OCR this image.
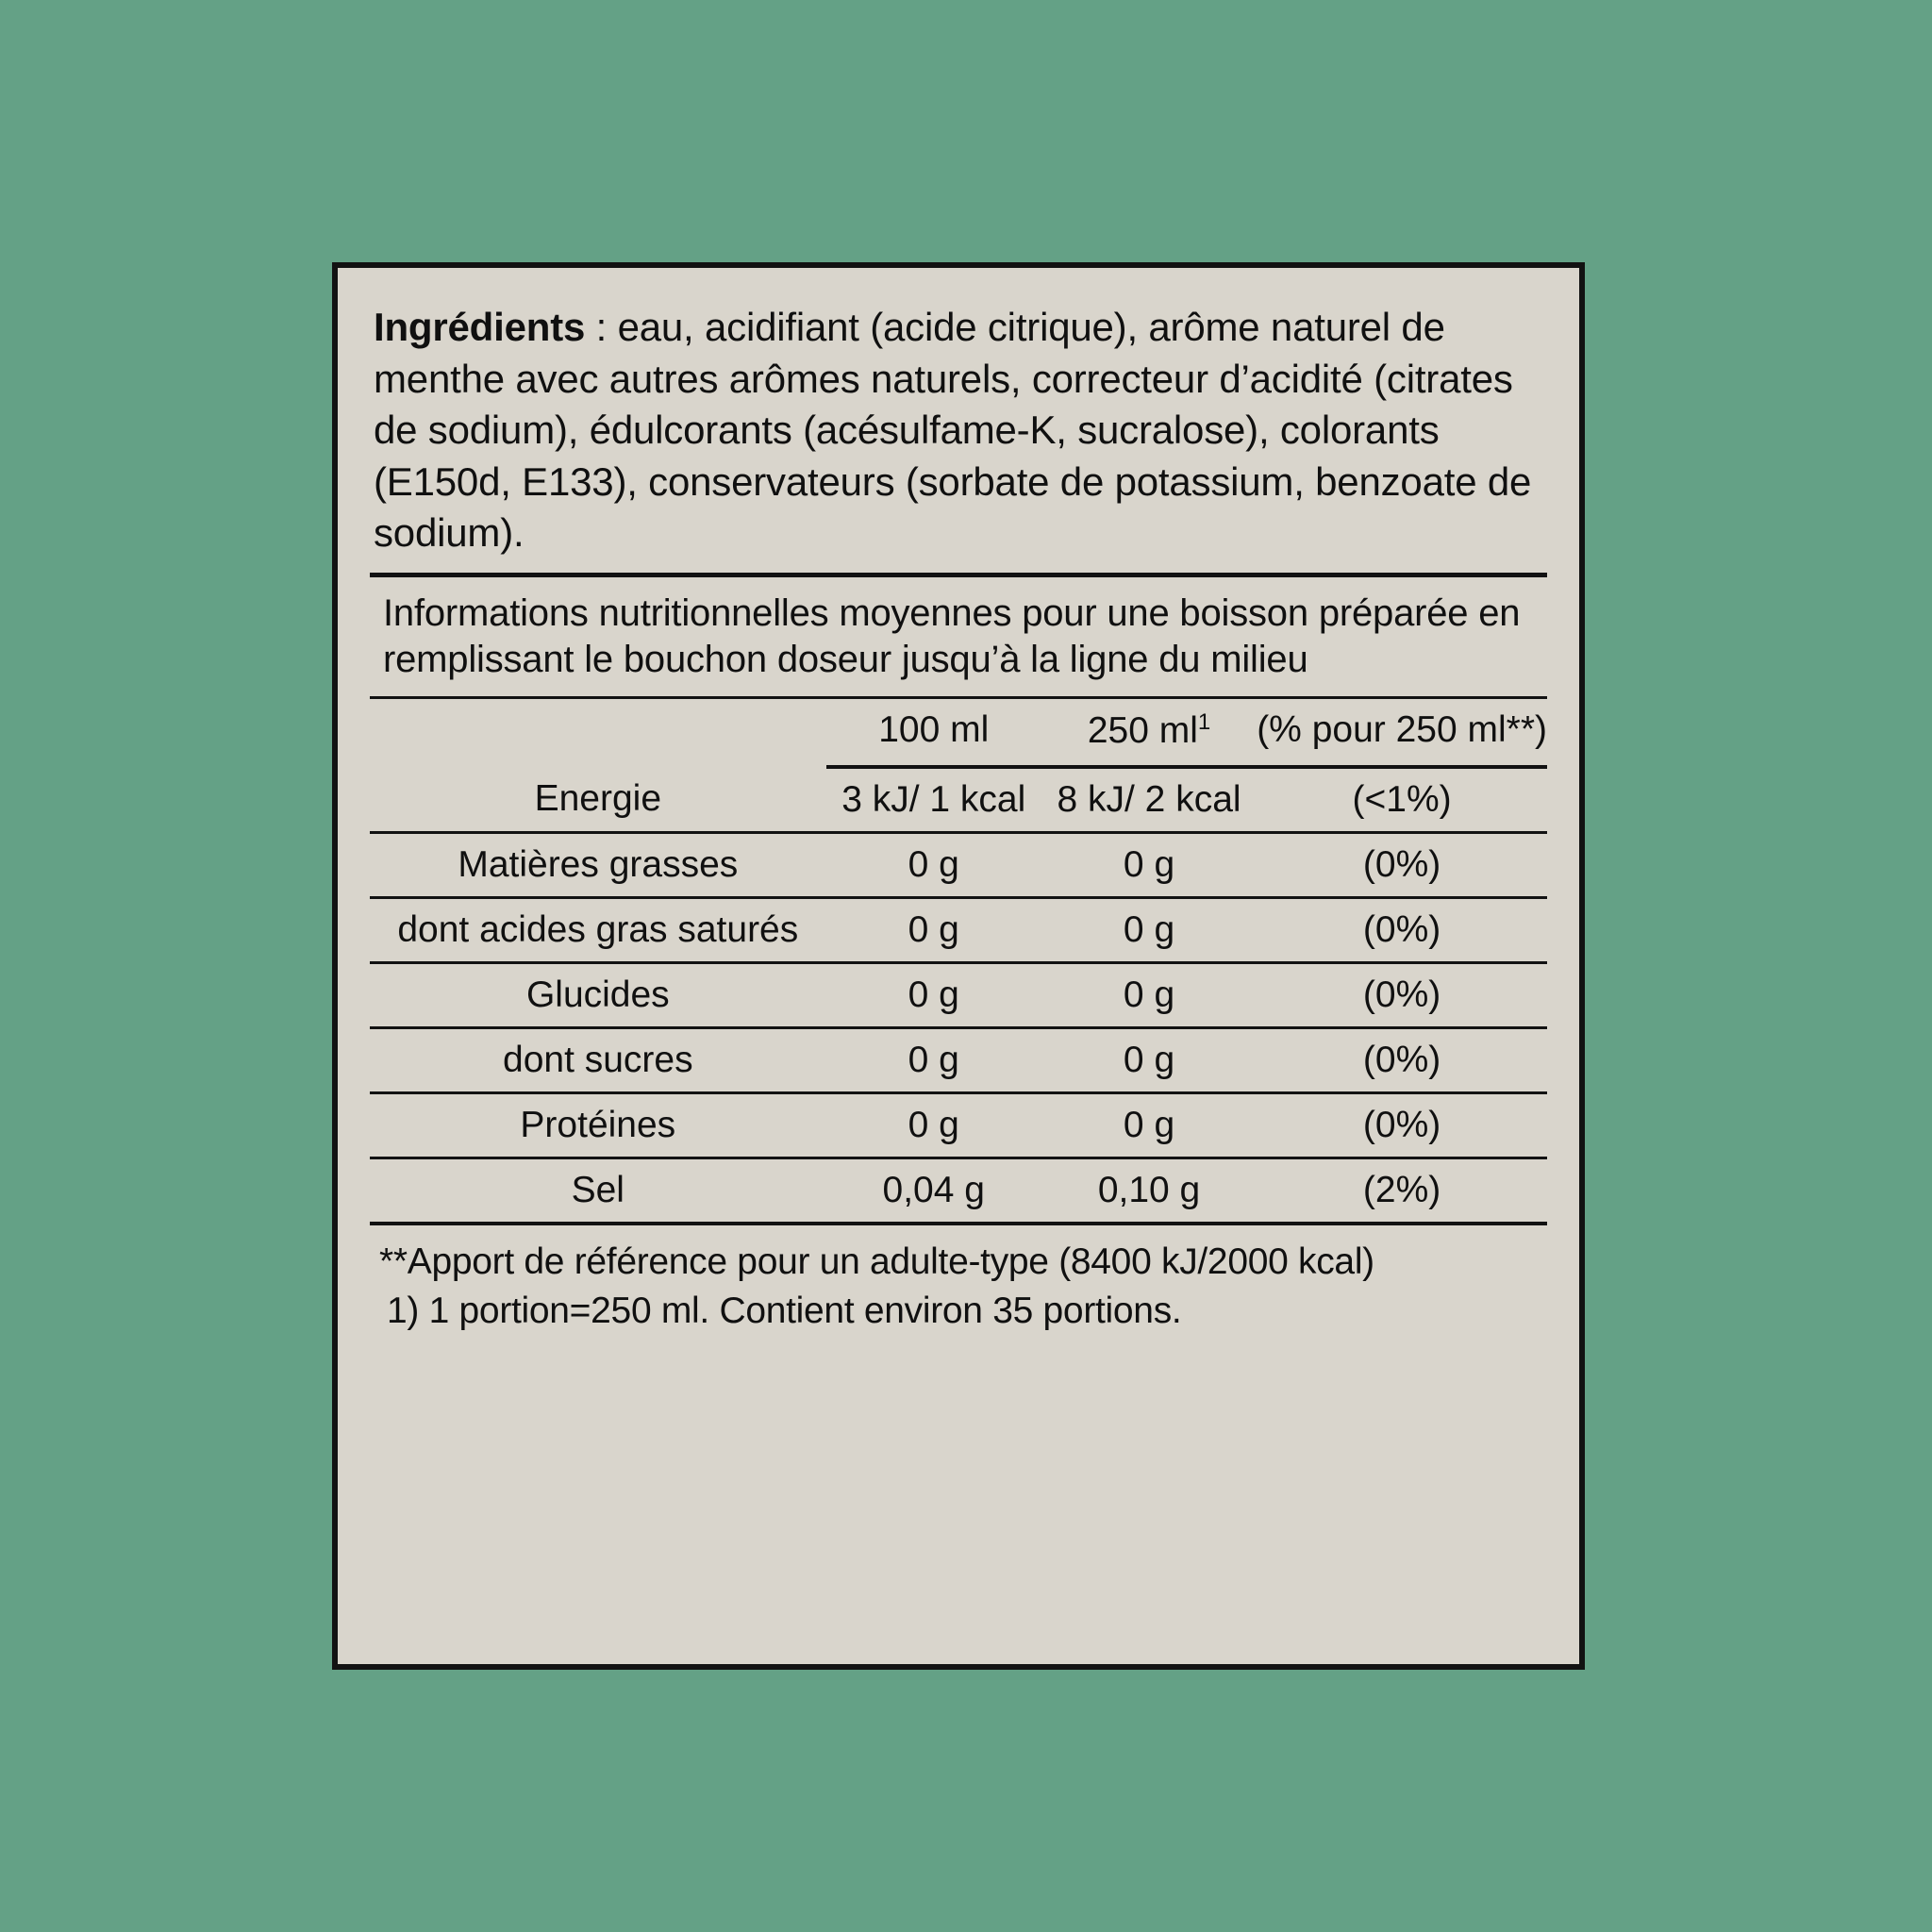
Ingrédients : eau, acidifiant (acide citrique), arôme naturel de menthe avec autres arômes naturels, correcteur d’acidité (citrates de sodium), édulcorants (acésulfame-K, sucralose), colorants (E150d, E133), conservateurs (sorbate de potassium, benzoate de sodium).

Informations nutritionnelles moyennes pour une boisson préparée en remplissant le bouchon doseur jusqu’à la ligne du milieu

	100 ml	250 ml$^1$	(% pour 250 ml**)
Energie	3 kJ/ 1 kcal	8 kJ/ 2 kcal	(<1%)
Matières grasses	0 g	0 g	(0%)
dont acides gras saturés	0 g	0 g	(0%)
Glucides	0 g	0 g	(0%)
dont sucres	0 g	0 g	(0%)
Protéines	0 g	0 g	(0%)
Sel	0,04 g	0,10 g	(2%)
**Apport de référence pour un adulte-type (8400 kJ/2000 kcal)
1) 1 portion=250 ml. Contient environ 35 portions.
